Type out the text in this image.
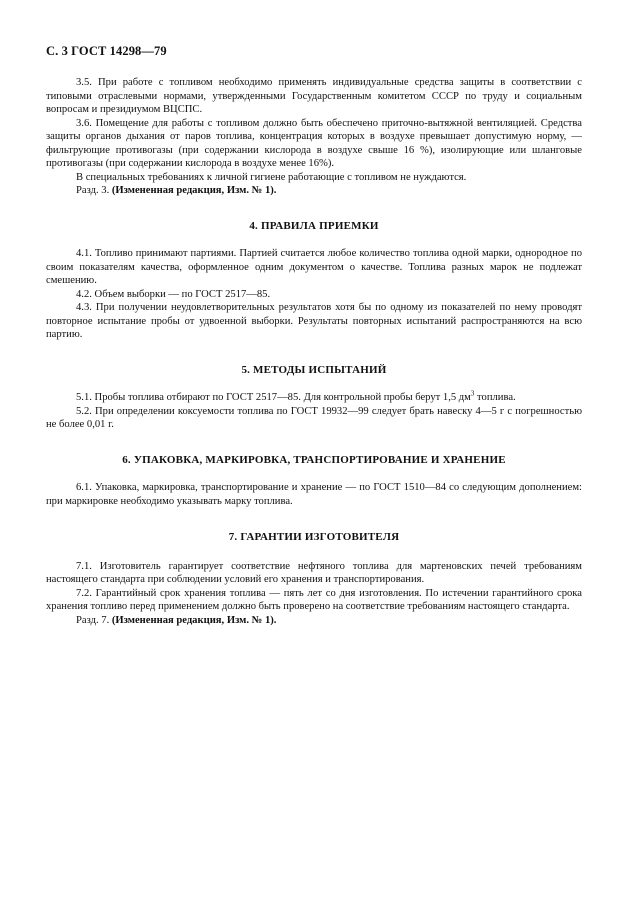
С. 3 ГОСТ 14298—79

3.5. При работе с топливом необходимо применять индивидуальные средства защиты в соответствии с типовыми отраслевыми нормами, утвержденными Государственным комитетом СССР по труду и социальным вопросам и президиумом ВЦСПС.

3.6. Помещение для работы с топливом должно быть обеспечено приточно-вытяжной вентиляцией. Средства защиты органов дыхания от паров топлива, концентрация которых в воздухе превышает допустимую норму, — фильтрующие противогазы (при содержании кислорода в воздухе свыше 16 %), изолирующие или шланговые противогазы (при содержании кислорода в воздухе менее 16%).

В специальных требованиях к личной гигиене работающие с топливом не нуждаются.

Разд. 3. (Измененная редакция, Изм. № 1).

4. ПРАВИЛА ПРИЕМКИ

4.1. Топливо принимают партиями. Партией считается любое количество топлива одной марки, однородное по своим показателям качества, оформленное одним документом о качестве. Топлива разных марок не подлежат смешению.

4.2. Объем выборки — по ГОСТ 2517—85.

4.3. При получении неудовлетворительных результатов хотя бы по одному из показателей по нему проводят повторное испытание пробы от удвоенной выборки. Результаты повторных испытаний распространяются на всю партию.

5. МЕТОДЫ ИСПЫТАНИЙ

5.1. Пробы топлива отбирают по ГОСТ 2517—85. Для контрольной пробы берут 1,5 $дм^3$ топлива.

5.2. При определении коксуемости топлива по ГОСТ 19932—99 следует брать навеску 4—5 г с погрешностью не более 0,01 г.

6. УПАКОВКА, МАРКИРОВКА, ТРАНСПОРТИРОВАНИЕ И ХРАНЕНИЕ

6.1. Упаковка, маркировка, транспортирование и хранение — по ГОСТ 1510—84 со следующим дополнением: при маркировке необходимо указывать марку топлива.

7. ГАРАНТИИ ИЗГОТОВИТЕЛЯ

7.1. Изготовитель гарантирует соответствие нефтяного топлива для мартеновских печей требованиям настоящего стандарта при соблюдении условий его хранения и транспортирования.

7.2. Гарантийный срок хранения топлива — пять лет со дня изготовления. По истечении гарантийного срока хранения топливо перед применением должно быть проверено на соответствие требованиям настоящего стандарта.

Разд. 7. (Измененная редакция, Изм. № 1).
